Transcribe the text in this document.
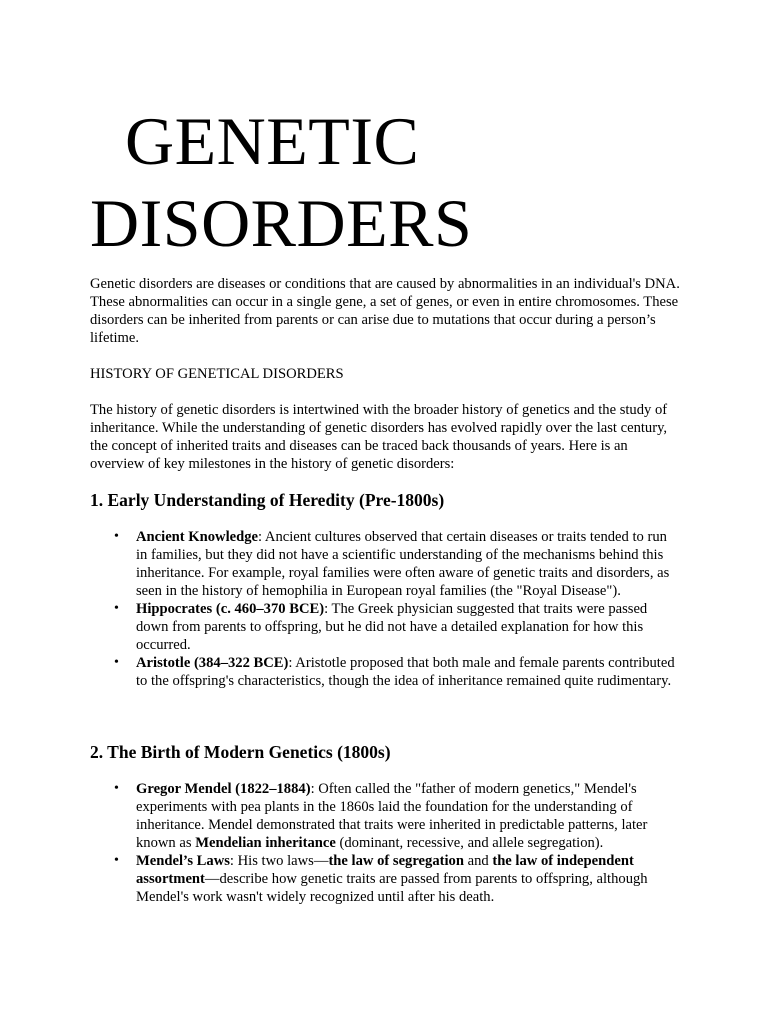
GENETIC
DISORDERS

Genetic disorders are diseases or conditions that are caused by abnormalities in an individual's DNA. These abnormalities can occur in a single gene, a set of genes, or even in entire chromosomes. These disorders can be inherited from parents or can arise due to mutations that occur during a person’s lifetime.

HISTORY OF GENETICAL DISORDERS

The history of genetic disorders is intertwined with the broader history of genetics and the study of inheritance. While the understanding of genetic disorders has evolved rapidly over the last century, the concept of inherited traits and diseases can be traced back thousands of years. Here is an overview of key milestones in the history of genetic disorders:

1. Early Understanding of Heredity (Pre-1800s)
• Ancient Knowledge: Ancient cultures observed that certain diseases or traits tended to run in families, but they did not have a scientific understanding of the mechanisms behind this inheritance. For example, royal families were often aware of genetic traits and disorders, as seen in the history of hemophilia in European royal families (the "Royal Disease").
• Hippocrates (c. 460–370 BCE): The Greek physician suggested that traits were passed down from parents to offspring, but he did not have a detailed explanation for how this occurred.
• Aristotle (384–322 BCE): Aristotle proposed that both male and female parents contributed to the offspring's characteristics, though the idea of inheritance remained quite rudimentary.
2. The Birth of Modern Genetics (1800s)
• Gregor Mendel (1822–1884): Often called the "father of modern genetics," Mendel's experiments with pea plants in the 1860s laid the foundation for the understanding of inheritance. Mendel demonstrated that traits were inherited in predictable patterns, later known as Mendelian inheritance (dominant, recessive, and allele segregation).
• Mendel’s Laws: His two laws—the law of segregation and the law of independent assortment—describe how genetic traits are passed from parents to offspring, although Mendel's work wasn't widely recognized until after his death.
